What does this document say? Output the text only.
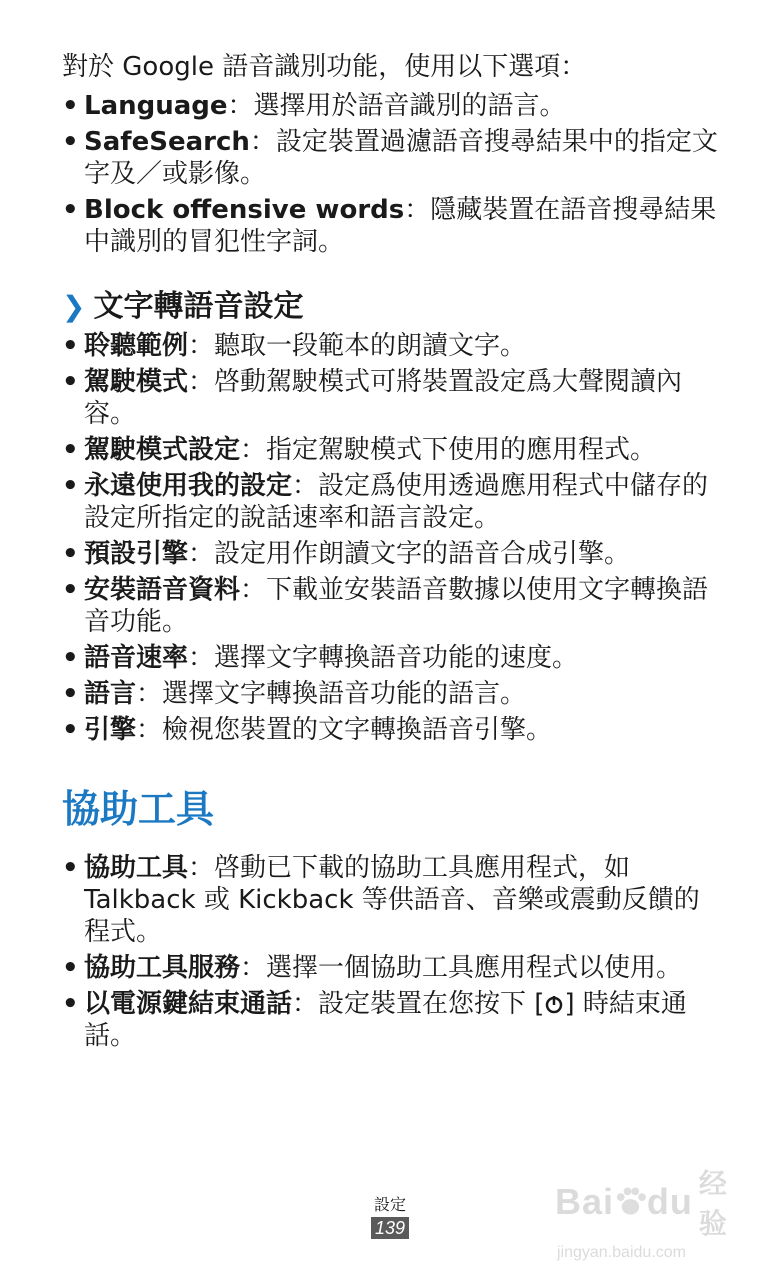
對於 Google 語音識別功能，使用以下選項：

• Language：選擇用於語音識別的語言。
• SafeSearch：設定裝置過濾語音搜尋結果中的指定文字及／或影像。
• Block offensive words：隱藏裝置在語音搜尋結果中識別的冒犯性字詞。
❯ 文字轉語音設定
• 聆聽範例：聽取一段範本的朗讀文字。
• 駕駛模式：啓動駕駛模式可將裝置設定爲大聲閱讀內容。
• 駕駛模式設定：指定駕駛模式下使用的應用程式。
• 永遠使用我的設定：設定爲使用透過應用程式中儲存的設定所指定的說話速率和語言設定。
• 預設引擎：設定用作朗讀文字的語音合成引擎。
• 安裝語音資料：下載並安裝語音數據以使用文字轉換語音功能。
• 語音速率：選擇文字轉換語音功能的速度。
• 語言：選擇文字轉換語音功能的語言。
• 引擎：檢視您裝置的文字轉換語音引擎。
協助工具
• 協助工具：啓動已下載的協助工具應用程式，如 Talkback 或 Kickback 等供語音、音樂或震動反饋的程式。
• 協助工具服務：選擇一個協助工具應用程式以使用。
• 以電源鍵結束通話：設定裝置在您按下 [ ] 時結束通話。
設定
139
Bai du 经验
jingyan.baidu.com
